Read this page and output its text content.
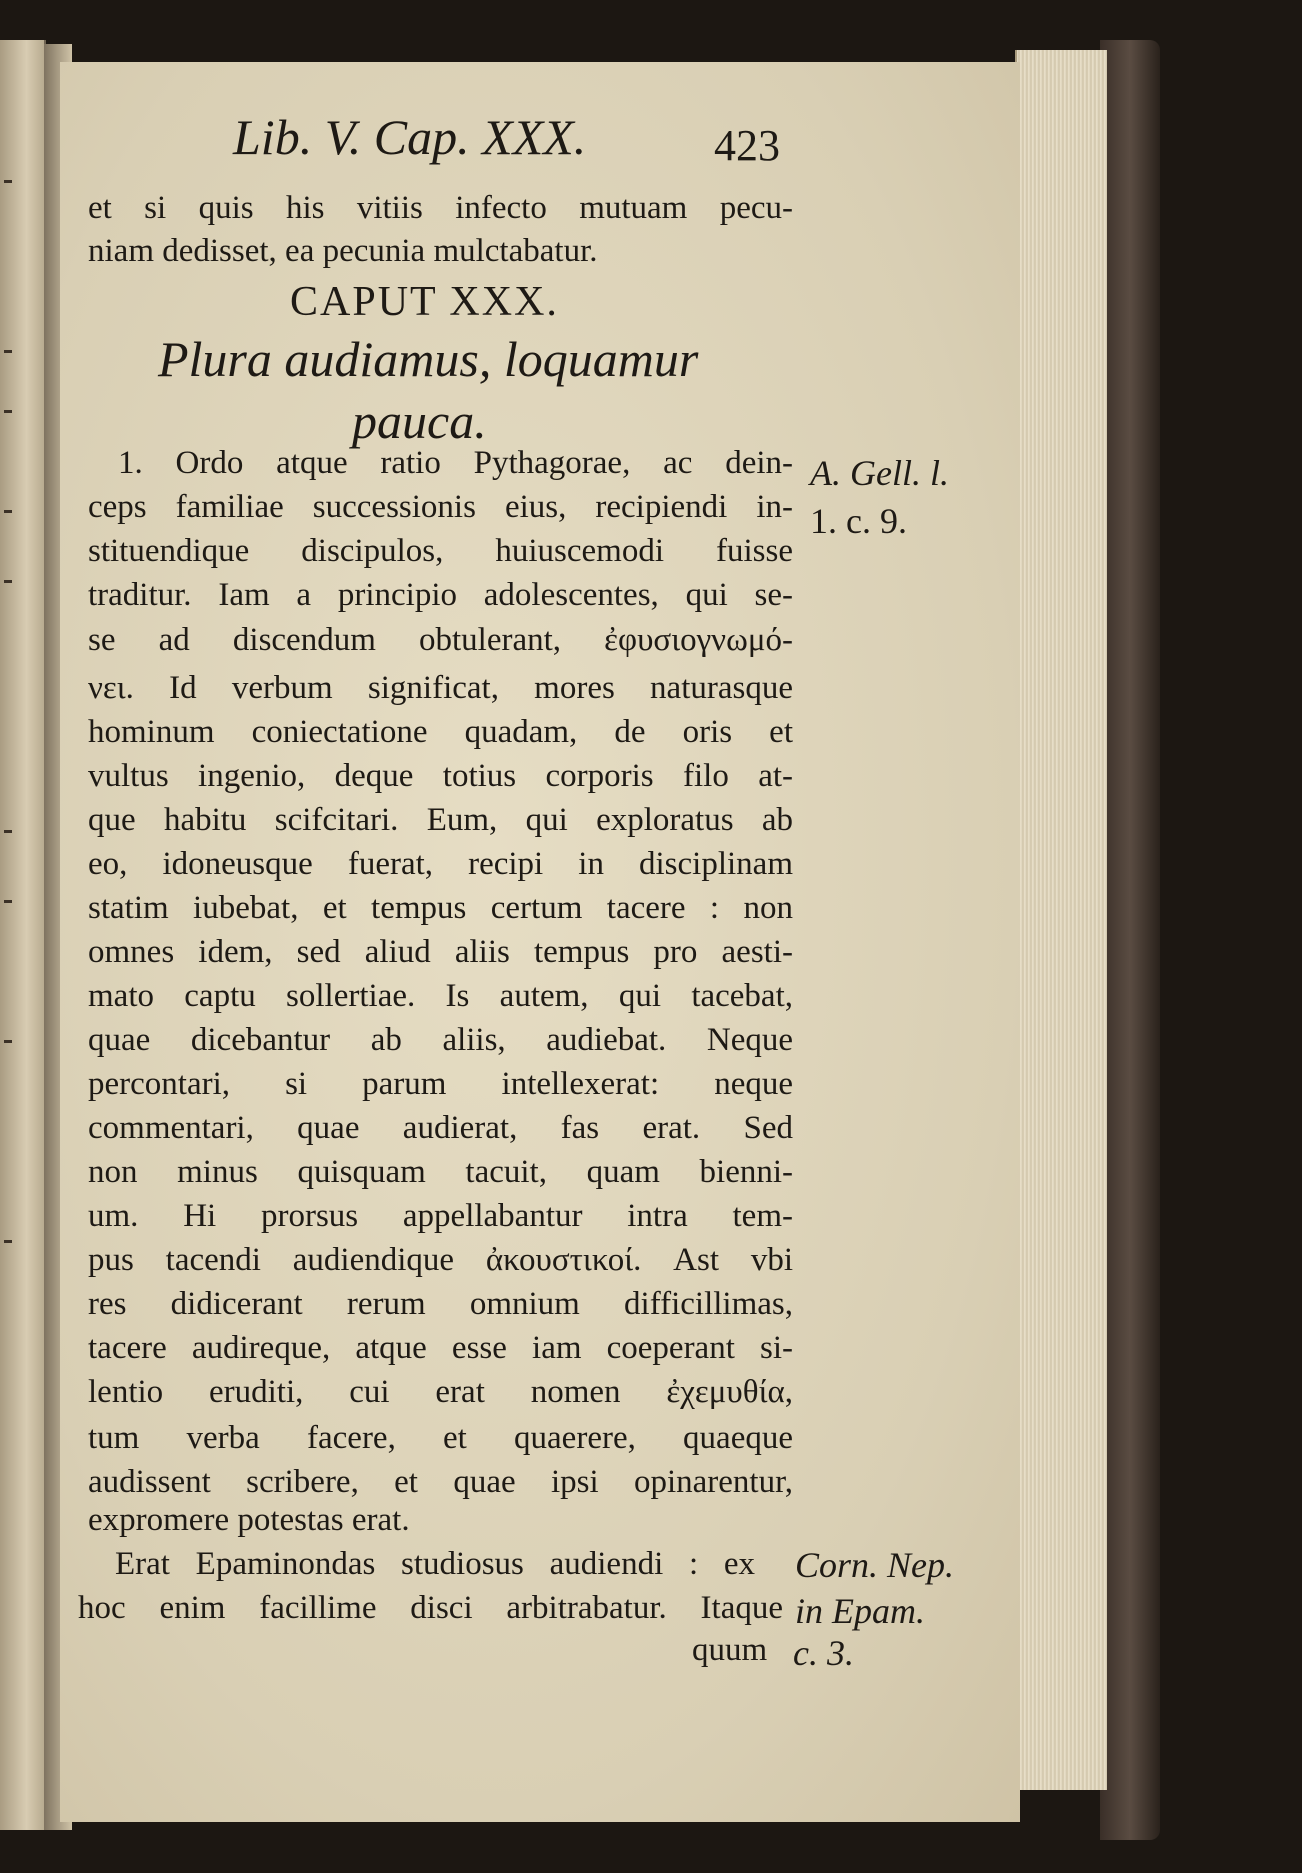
Lib. V. Cap. XXX.	423
et si quis his vitiis infecto mutuam pecu-
niam dedisset, ea pecunia mulctabatur.
CAPUT XXX.
Plura audiamus, loquamur
pauca.
1. Ordo atque ratio Pythagorae, ac dein-
ceps familiae successionis eius, recipiendi in-
stituendique discipulos, huiuscemodi fuisse
traditur. Iam a principio adolescentes, qui se-
se ad discendum obtulerant, ἐφυσιογνωμό-
νει. Id verbum significat, mores naturasque
hominum coniectatione quadam, de oris et
vultus ingenio, deque totius corporis filo at-
que habitu scifcitari. Eum, qui exploratus ab
eo, idoneusque fuerat, recipi in disciplinam
statim iubebat, et tempus certum tacere : non
omnes idem, sed aliud aliis tempus pro aesti-
mato captu sollertiae. Is autem, qui tacebat,
quae dicebantur ab aliis, audiebat. Neque
percontari, si parum intellexerat: neque
commentari, quae audierat, fas erat. Sed
non minus quisquam tacuit, quam bienni-
um. Hi prorsus appellabantur intra tem-
pus tacendi audiendique ἀκουστικοί. Ast vbi
res didicerant rerum omnium difficillimas,
tacere audireque, atque esse iam coeperant si-
lentio eruditi, cui erat nomen ἐχεμυθία,
tum verba facere, et quaerere, quaeque
audissent scribere, et quae ipsi opinarentur,
expromere potestas erat.
Erat Epaminondas studiosus audiendi : ex
hoc enim facillime disci arbitrabatur. Itaque
quum
A. Gell. l.
1. c. 9.
Corn. Nep.
in Epam.
c. 3.
